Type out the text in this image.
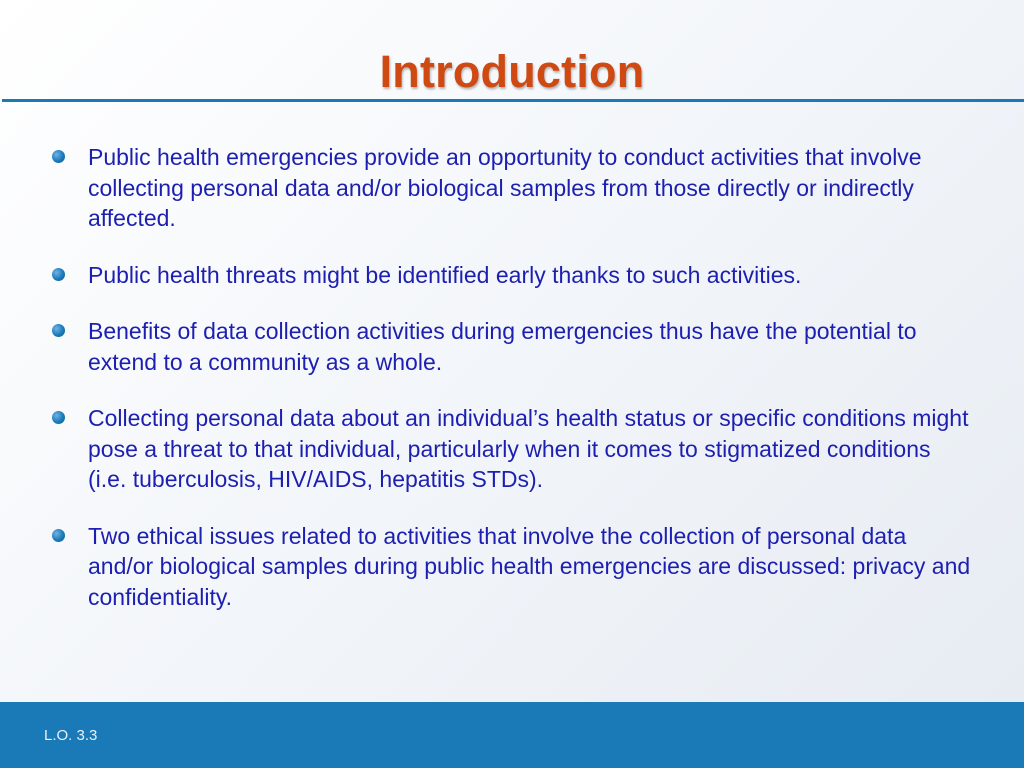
Introduction
Public health emergencies provide an opportunity to conduct activities that involve collecting personal data and/or biological samples from those directly or indirectly affected.
Public health threats might be identified early thanks to such activities.
Benefits of data collection activities during emergencies thus have the potential to extend to a community as a whole.
Collecting personal data about an individual’s health status or specific conditions might pose a threat to that individual, particularly when it comes to stigmatized conditions (i.e. tuberculosis, HIV/AIDS, hepatitis STDs).
Two ethical issues related to activities that involve the collection of personal data and/or biological samples during public health emergencies are discussed: privacy and confidentiality.
L.O. 3.3
